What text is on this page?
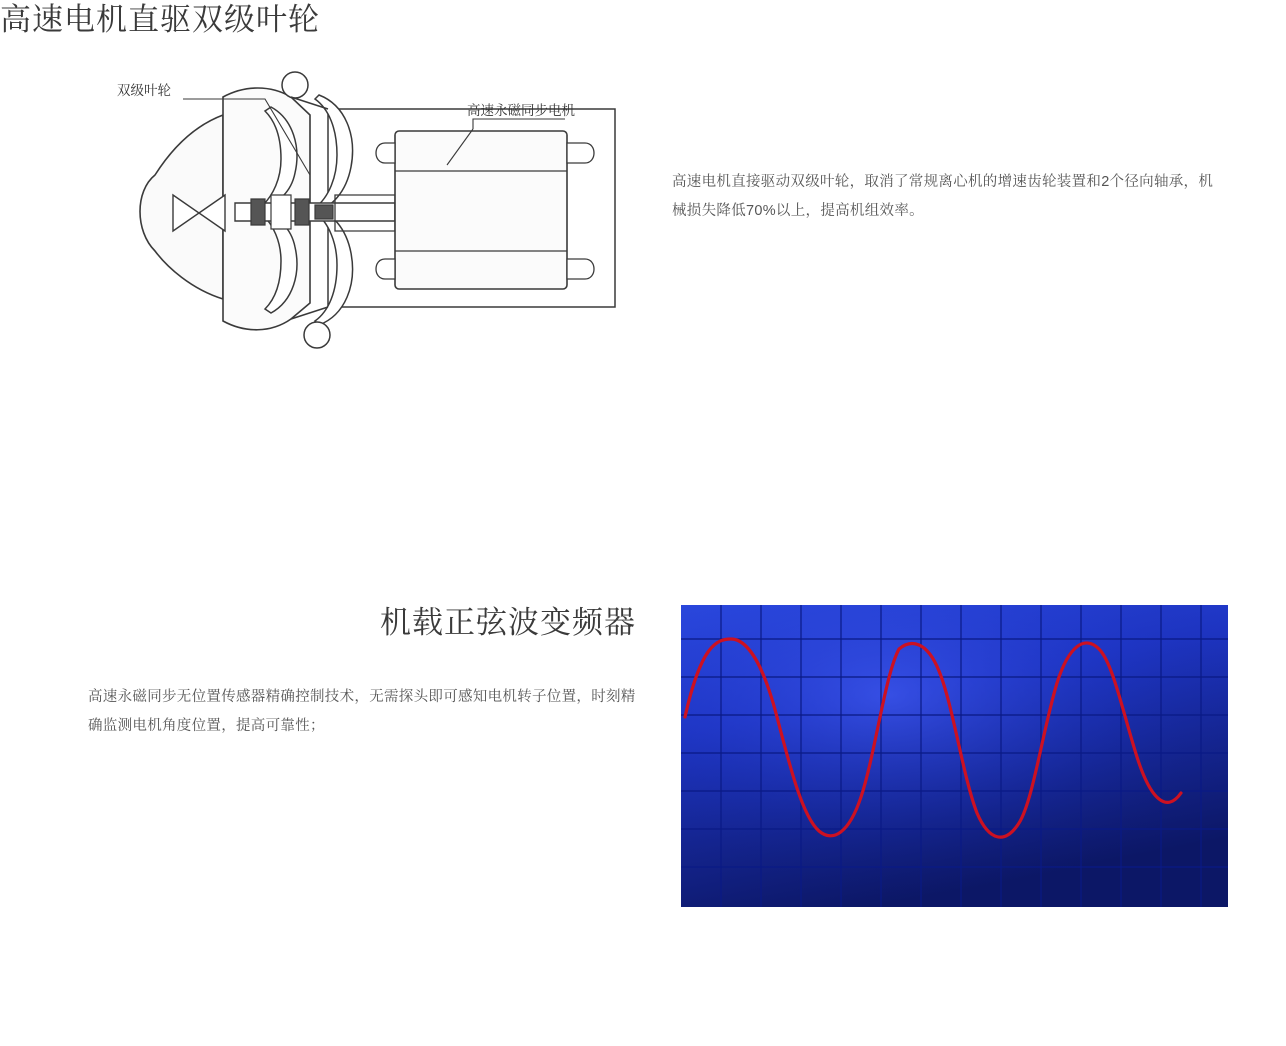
双级叶轮
高速永磁同步电机
高速电机直驱双级叶轮

高速电机直接驱动双级叶轮，取消了常规离心机的增速齿轮装置和2个径向轴承，机械损失降低70%以上，提高机组效率。

机载正弦波变频器

高速永磁同步无位置传感器精确控制技术，无需探头即可感知电机转子位置，时刻精确监测电机角度位置，提高可靠性；
